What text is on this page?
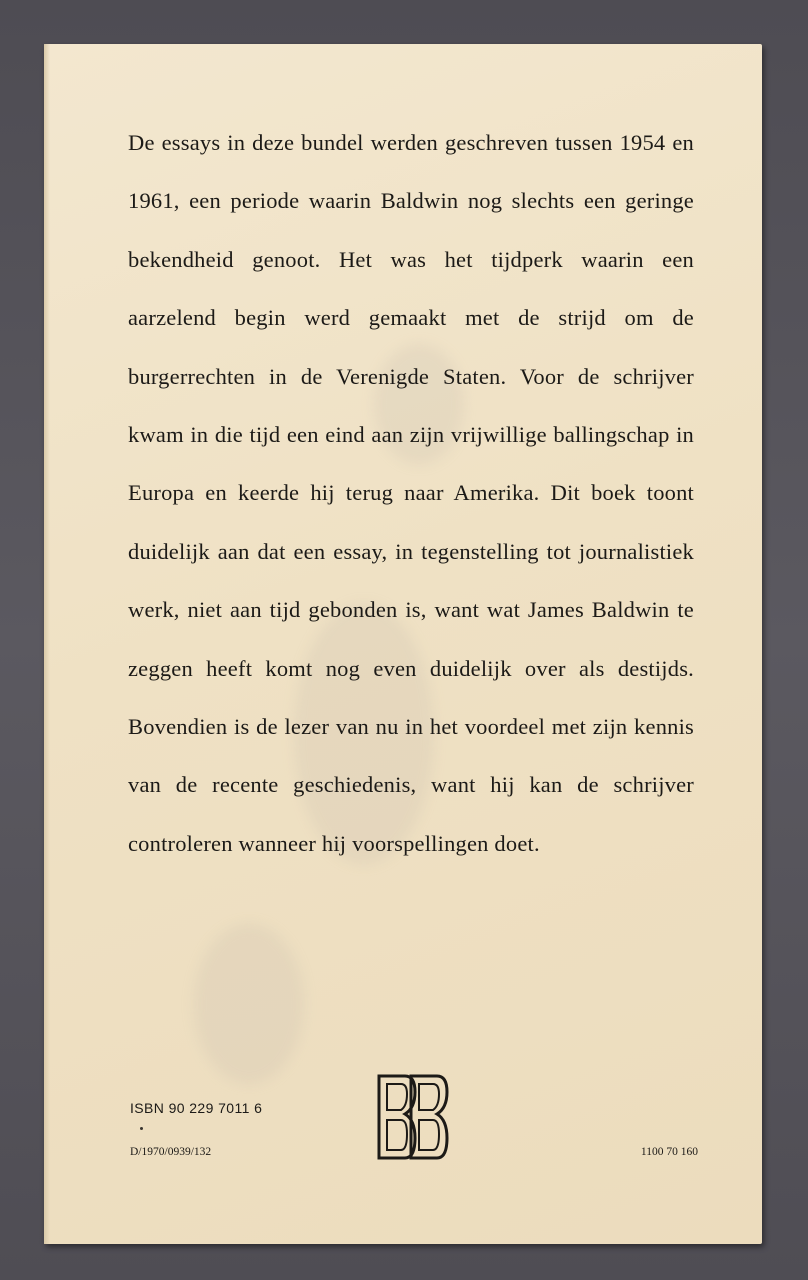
De essays in deze bundel werden geschreven tussen 1954 en 1961, een periode waarin Baldwin nog slechts een geringe bekendheid genoot. Het was het tijdperk waarin een aarzelend begin werd gemaakt met de strijd om de burgerrechten in de Verenigde Staten. Voor de schrijver kwam in die tijd een eind aan zijn vrijwillige ballingschap in Europa en keerde hij terug naar Amerika. Dit boek toont duidelijk aan dat een essay, in tegenstelling tot journalistiek werk, niet aan tijd gebonden is, want wat James Baldwin te zeggen heeft komt nog even duidelijk over als destijds. Bovendien is de lezer van nu in het voordeel met zijn kennis van de recente geschiedenis, want hij kan de schrijver controleren wanneer hij voorspellingen doet.

ISBN 90 229 7011 6
D/1970/0939/132	1100 70 160
